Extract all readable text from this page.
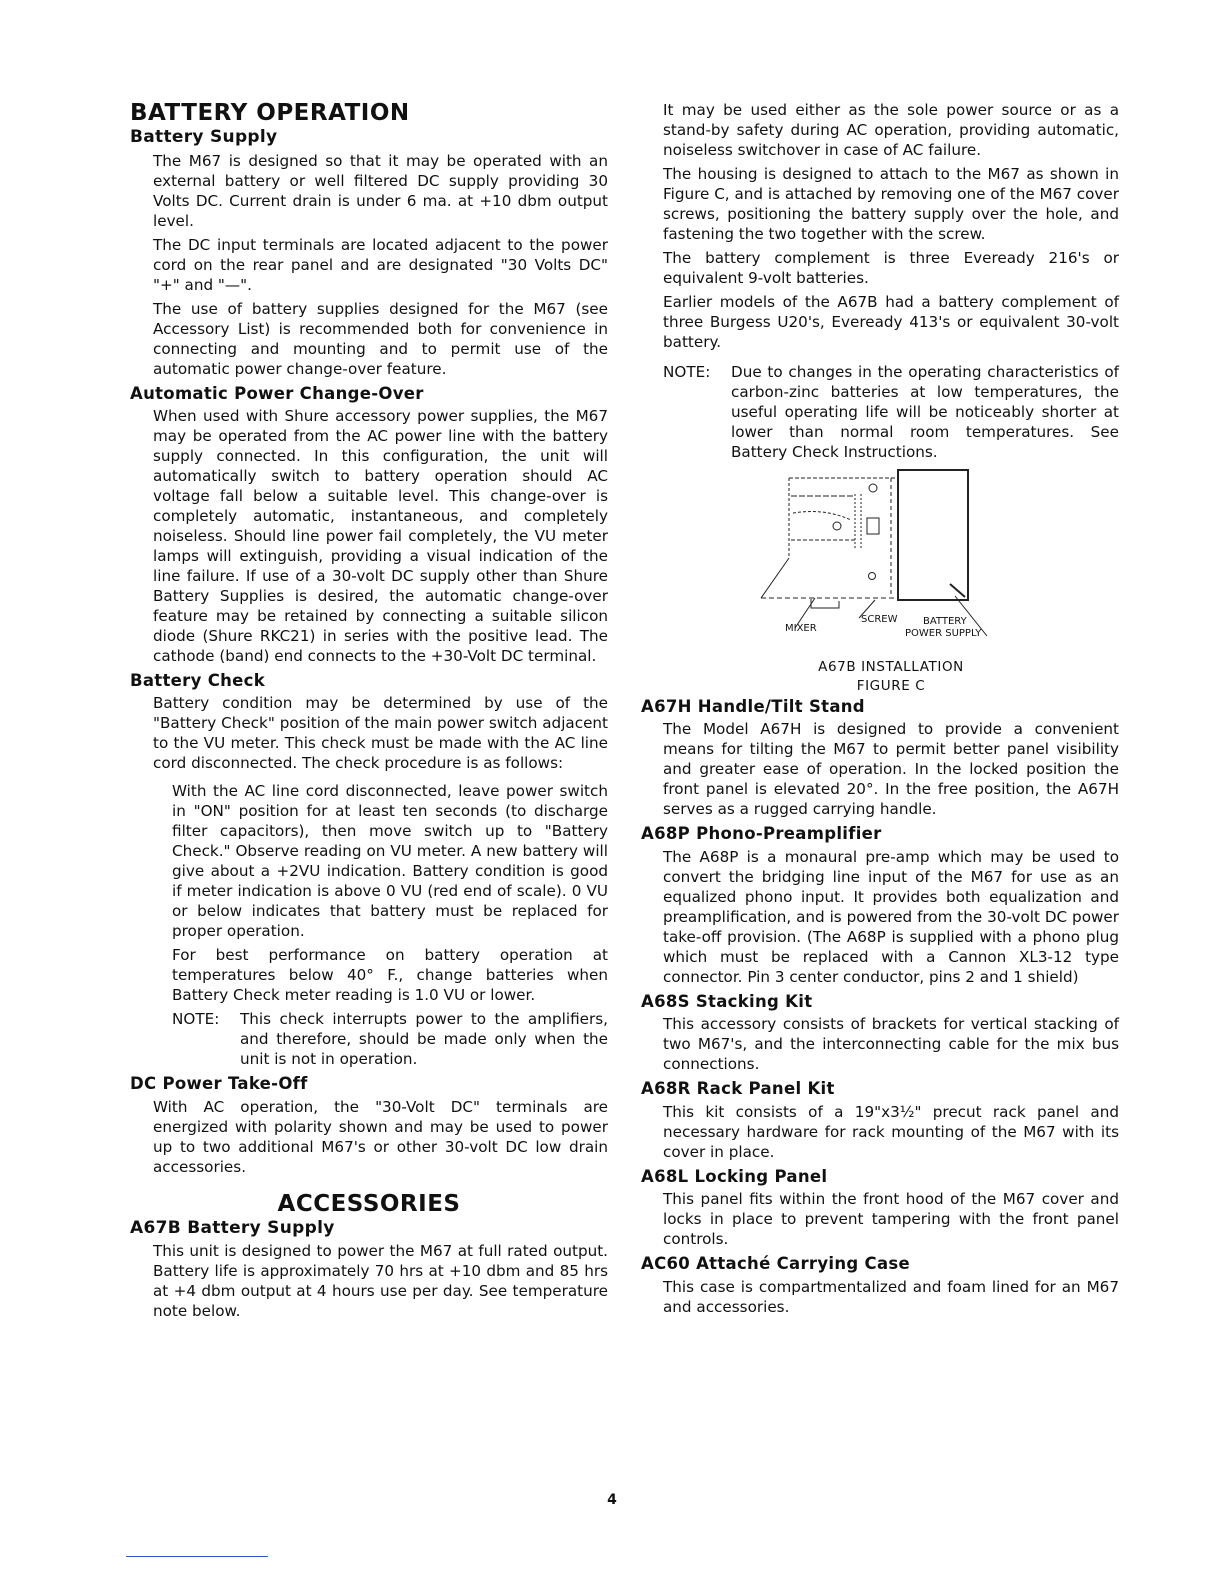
BATTERY OPERATION
Battery Supply

The M67 is designed so that it may be operated with an external battery or well filtered DC supply providing 30 Volts DC. Current drain is under 6 ma. at +10 dbm output level.

The DC input terminals are located adjacent to the power cord on the rear panel and are designated "30 Volts DC" "+" and "—".

The use of battery supplies designed for the M67 (see Accessory List) is recommended both for convenience in connecting and mounting and to permit use of the automatic power change-over feature.

Automatic Power Change-Over

When used with Shure accessory power supplies, the M67 may be operated from the AC power line with the battery supply connected. In this configuration, the unit will automatically switch to battery operation should AC voltage fall below a suitable level. This change-over is completely automatic, instantaneous, and completely noiseless. Should line power fail completely, the VU meter lamps will extinguish, providing a visual indication of the line failure. If use of a 30-volt DC supply other than Shure Battery Supplies is desired, the automatic change-over feature may be retained by connecting a suitable silicon diode (Shure RKC21) in series with the positive lead. The cathode (band) end connects to the +30-Volt DC terminal.

Battery Check

Battery condition may be determined by use of the "Battery Check" position of the main power switch adjacent to the VU meter. This check must be made with the AC line cord disconnected. The check procedure is as follows:

With the AC line cord disconnected, leave power switch in "ON" position for at least ten seconds (to discharge filter capacitors), then move switch up to "Battery Check." Observe reading on VU meter. A new battery will give about a +2VU indication. Battery condition is good if meter indication is above 0 VU (red end of scale). 0 VU or below indicates that battery must be replaced for proper operation.

For best performance on battery operation at temperatures below 40° F., change batteries when Battery Check meter reading is 1.0 VU or lower.

NOTE:	This check interrupts power to the amplifiers, and therefore, should be made only when the unit is not in operation.
DC Power Take-Off

With AC operation, the "30-Volt DC" terminals are energized with polarity shown and may be used to power up to two additional M67's or other 30-volt DC low drain accessories.

ACCESSORIES
A67B Battery Supply

This unit is designed to power the M67 at full rated output. Battery life is approximately 70 hrs at +10 dbm and 85 hrs at +4 dbm output at 4 hours use per day. See temperature note below.

It may be used either as the sole power source or as a stand-by safety during AC operation, providing automatic, noiseless switchover in case of AC failure.

The housing is designed to attach to the M67 as shown in Figure C, and is attached by removing one of the M67 cover screws, positioning the battery supply over the hole, and fastening the two together with the screw.

The battery complement is three Eveready 216's or equivalent 9-volt batteries.

Earlier models of the A67B had a battery complement of three Burgess U20's, Eveready 413's or equivalent 30-volt battery.

NOTE:	Due to changes in the operating characteristics of carbon-zinc batteries at low temperatures, the useful operating life will be noticeably shorter at lower than normal room temperatures. See Battery Check Instructions.
MIXER
SCREW	BATTERY
POWER SUPPLY

A67B INSTALLATION

FIGURE C

A67H Handle/Tilt Stand

The Model A67H is designed to provide a convenient means for tilting the M67 to permit better panel visibility and greater ease of operation. In the locked position the front panel is elevated 20°. In the free position, the A67H serves as a rugged carrying handle.

A68P Phono-Preamplifier

The A68P is a monaural pre-amp which may be used to convert the bridging line input of the M67 for use as an equalized phono input. It provides both equalization and preamplification, and is powered from the 30-volt DC power take-off provision. (The A68P is supplied with a phono plug which must be replaced with a Cannon XL3-12 type connector. Pin 3 center conductor, pins 2 and 1 shield)

A68S Stacking Kit

This accessory consists of brackets for vertical stacking of two M67's, and the interconnecting cable for the mix bus connections.

A68R Rack Panel Kit

This kit consists of a 19"x3½" precut rack panel and necessary hardware for rack mounting of the M67 with its cover in place.

A68L Locking Panel

This panel fits within the front hood of the M67 cover and locks in place to prevent tampering with the front panel controls.

AC60 Attaché Carrying Case

This case is compartmentalized and foam lined for an M67 and accessories.

4
